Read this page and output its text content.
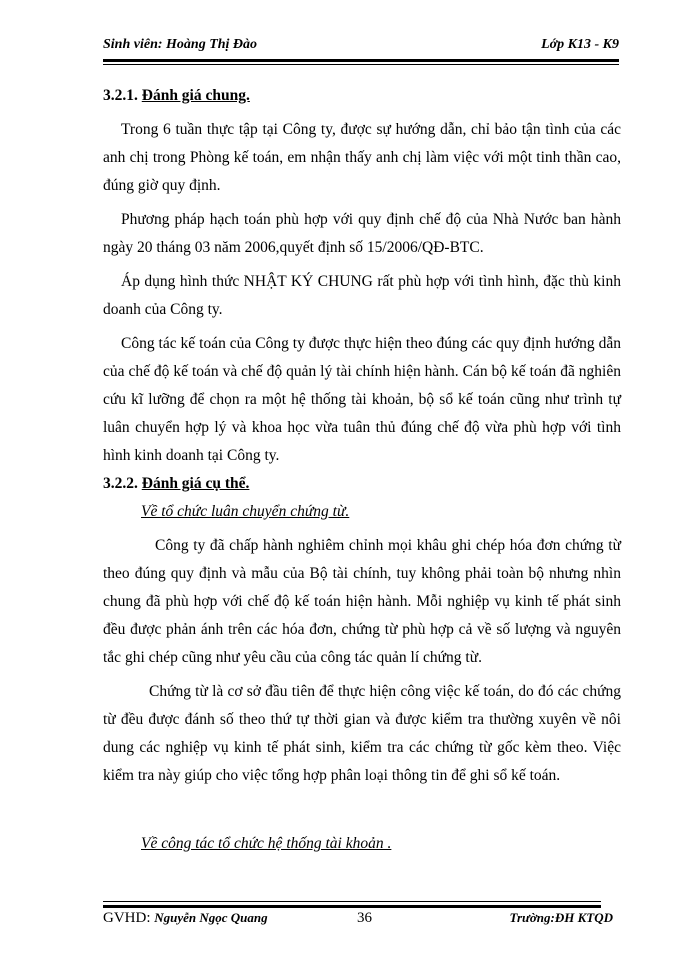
Sinh viên: Hoàng Thị Đào	Lớp K13 - K9

3.2.1. Đánh giá chung.

Trong 6 tuần thực tập tại Công ty, được sự hướng dẫn, chỉ bảo tận tình của các anh chị trong Phòng kế toán, em nhận thấy anh chị làm việc với một tinh thần cao, đúng giờ quy định.

Phương pháp hạch toán phù hợp với quy định chế độ của Nhà Nước ban hành ngày 20 tháng 03 năm 2006,quyết định số 15/2006/QĐ-BTC.

Áp dụng hình thức NHẬT KÝ CHUNG rất phù hợp với tình hình, đặc thù kinh doanh của Công ty.

Công tác kế toán của Công ty được thực hiện theo đúng các quy định hướng dẫn của chế độ kế toán và chế độ quản lý tài chính hiện hành. Cán bộ kế toán đã nghiên cứu kĩ lưỡng để chọn ra một hệ thống tài khoản, bộ sổ kế toán cũng như trình tự luân chuyển hợp lý và khoa học vừa tuân thủ đúng chế độ vừa phù hợp với tình hình kinh doanh tại Công ty.

3.2.2. Đánh giá cụ thể.

Về tổ chức luân chuyển chứng từ.

Công ty đã chấp hành nghiêm chỉnh mọi khâu ghi chép hóa đơn chứng từ theo đúng quy định và mẫu của Bộ tài chính, tuy không phải toàn bộ nhưng nhìn chung đã phù hợp với chế độ kế toán hiện hành. Mỗi nghiệp vụ kinh tế phát sinh đều được phản ánh trên các hóa đơn, chứng từ phù hợp cả về số lượng và nguyên tắc ghi chép cũng như yêu cầu của công tác quản lí chứng từ.

Chứng từ là cơ sở đầu tiên để thực hiện công việc kế toán, do đó các chứng từ đều được đánh số theo thứ tự thời gian và được kiểm tra thường xuyên về nôi dung các nghiệp vụ kinh tế phát sinh, kiểm tra các chứng từ gốc kèm theo. Việc kiểm tra này giúp cho việc tổng hợp phân loại thông tin để ghi sổ kế toán.

Về công tác tổ chức hệ thống tài khoản .

GVHD: Nguyễn Ngọc Quang	36	Trường:ĐH KTQD
